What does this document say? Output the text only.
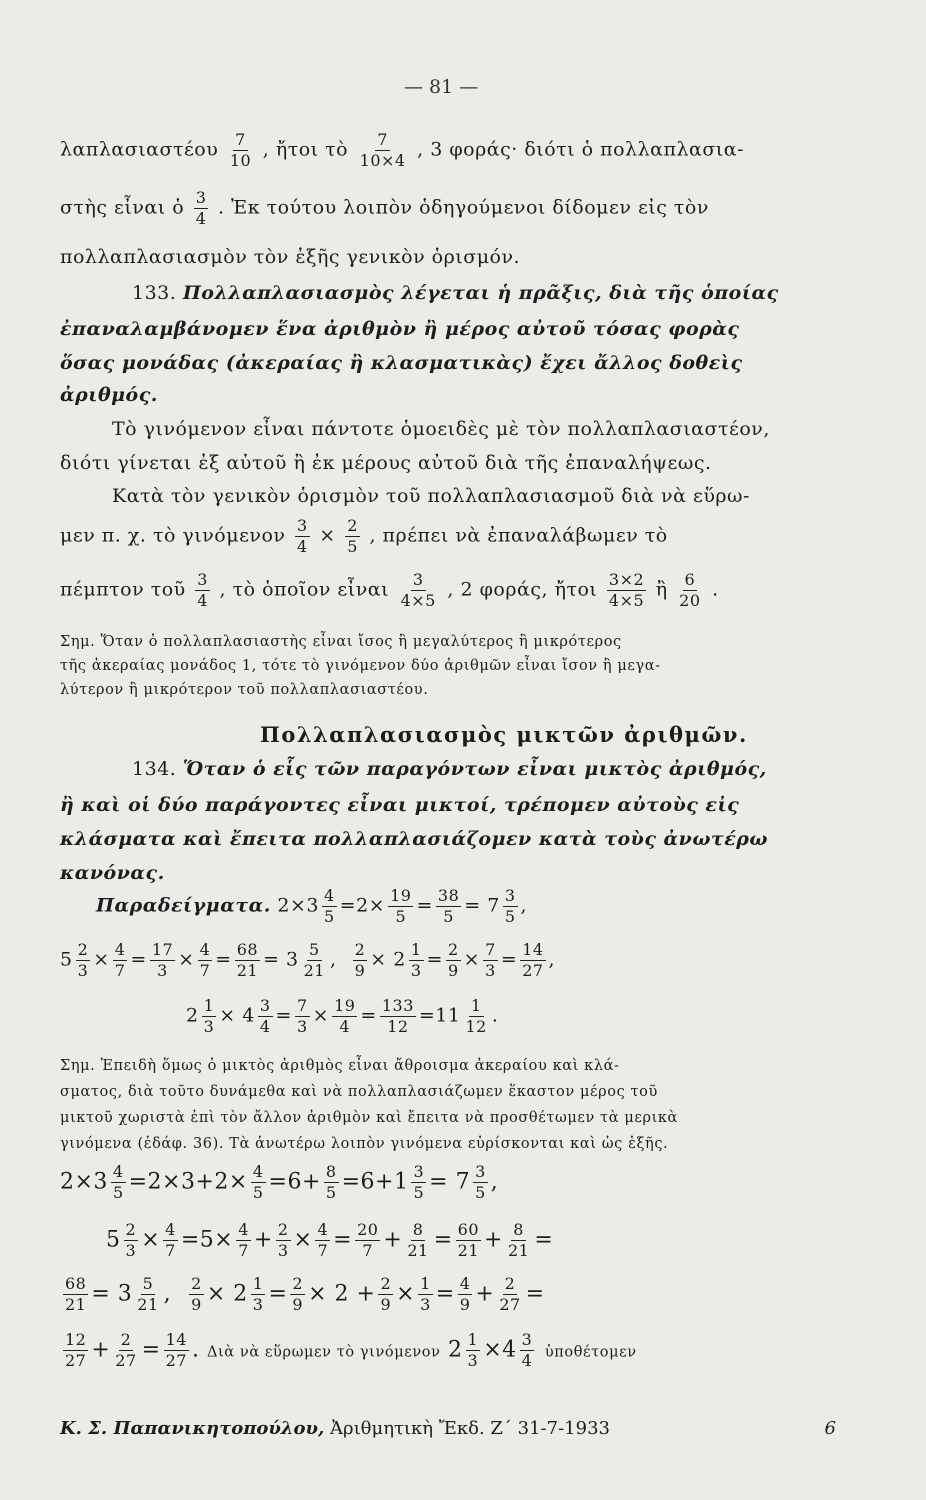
— 81 —
λαπλασιαστέου $\frac{7}{10}$ , ἤτοι τὸ $\frac{7}{10\times 4}$ , 3 φοράς· διότι ὁ πολλαπλασια-
στὴς εἶναι ὁ $\frac{3}{4}$ . Ἐκ τούτου λοιπὸν ὁδηγούμενοι δίδομεν εἰς τὸν
πολλαπλασιασμὸν τὸν ἑξῆς γενικὸν ὁρισμόν.
133. Πολλαπλασιασμὸς λέγεται ἡ πρᾶξις, διὰ τῆς ὁποίας
ἐπαναλαμβάνομεν ἕνα ἀριθμὸν ἢ μέρος αὐτοῦ τόσας φορὰς
ὅσας μονάδας (ἀκεραίας ἢ κλασματικὰς) ἔχει ἄλλος δοθεὶς
ἀριθμός.
Τὸ γινόμενον εἶναι πάντοτε ὁμοειδὲς μὲ τὸν πολλαπλασιαστέον,
διότι γίνεται ἐξ αὐτοῦ ἢ ἐκ μέρους αὐτοῦ διὰ τῆς ἐπαναλήψεως.
Κατὰ τὸν γενικὸν ὁρισμὸν τοῦ πολλαπλασιασμοῦ διὰ νὰ εὕρω-
μεν π. χ. τὸ γινόμενον $\frac{3}{4} \times \frac{2}{5}$ , πρέπει νὰ ἐπαναλάβωμεν τὸ
πέμπτον τοῦ $\frac{3}{4}$ , τὸ ὁποῖον εἶναι $\frac{3}{4\times 5}$ , 2 φοράς, ἤτοι $\frac{3\times 2}{4\times 5}$ ἢ $\frac{6}{20}$ .
Σημ. Ὅταν ὁ πολλαπλασιαστὴς εἶναι ἴσος ἢ μεγαλύτερος ἢ μικρότερος
τῆς ἀκεραίας μονάδος 1, τότε τὸ γινόμενον δύο ἀριθμῶν εἶναι ἴσον ἢ μεγα-
λύτερον ἢ μικρότερον τοῦ πολλαπλασιαστέου.
Πολλαπλασιασμὸς μικτῶν ἀριθμῶν.
134. Ὅταν ὁ εἷς τῶν παραγόντων εἶναι μικτὸς ἀριθμός,
ἢ καὶ οἱ δύο παράγοντες εἶναι μικτοί, τρέπομεν αὐτοὺς εἰς
κλάσματα καὶ ἔπειτα πολλαπλασιάζομεν κατὰ τοὺς ἀνωτέρω
κανόνας.
Παραδείγματα. $2\times 3 \frac{4}{5} =2\times \frac{19}{5} = \frac{38}{5} = 7 \frac{3}{5}$ ,
$5 \frac{2}{3} \times \frac{4}{7} = \frac{17}{3} \times \frac{4}{7} = \frac{68}{21} = 3 \frac{5}{21}$ , $\frac{2}{9} \times 2 \frac{1}{3} = \frac{2}{9} \times \frac{7}{3} = \frac{14}{27}$ ,
$2 \frac{1}{3} \times 4 \frac{3}{4} = \frac{7}{3} \times \frac{19}{4} = \frac{133}{12} =11 \frac{1}{12}$ .
Σημ. Ἐπειδὴ ὅμως ὁ μικτὸς ἀριθμὸς εἶναι ἄθροισμα ἀκεραίου καὶ κλά-
σματος, διὰ τοῦτο δυνάμεθα καὶ νὰ πολλαπλασιάζωμεν ἕκαστον μέρος τοῦ
μικτοῦ χωριστὰ ἐπὶ τὸν ἄλλον ἀριθμὸν καὶ ἔπειτα νὰ προσθέτωμεν τὰ μερικὰ
γινόμενα (ἐδάφ. 36). Τὰ ἀνωτέρω λοιπὸν γινόμενα εὑρίσκονται καὶ ὡς ἑξῆς.
$2\times 3 \frac{4}{5} =2\times 3+2\times \frac{4}{5} =6+ \frac{8}{5} =6+1 \frac{3}{5} = 7 \frac{3}{5}$ ,
$5 \frac{2}{3} \times \frac{4}{7} =5\times \frac{4}{7} + \frac{2}{3} \times \frac{4}{7} = \frac{20}{7} + \frac{8}{21} = \frac{60}{21} + \frac{8}{21}$ =
$\frac{68}{21} = 3 \frac{5}{21}$ , $\frac{2}{9} \times 2 \frac{1}{3} = \frac{2}{9} \times 2 + \frac{2}{9} \times \frac{1}{3} = \frac{4}{9} + \frac{2}{27}$ =
$\frac{12}{27} + \frac{2}{27} = \frac{14}{27}$ . Διὰ νὰ εὕρωμεν τὸ γινόμενον $2 \frac{1}{3} \times 4 \frac{3}{4}$ ὑποθέτομεν
Κ. Σ. Παπανικητοπούλου, Ἀριθμητικὴ Ἔκδ. Ζ΄ 31-7-1933	6
